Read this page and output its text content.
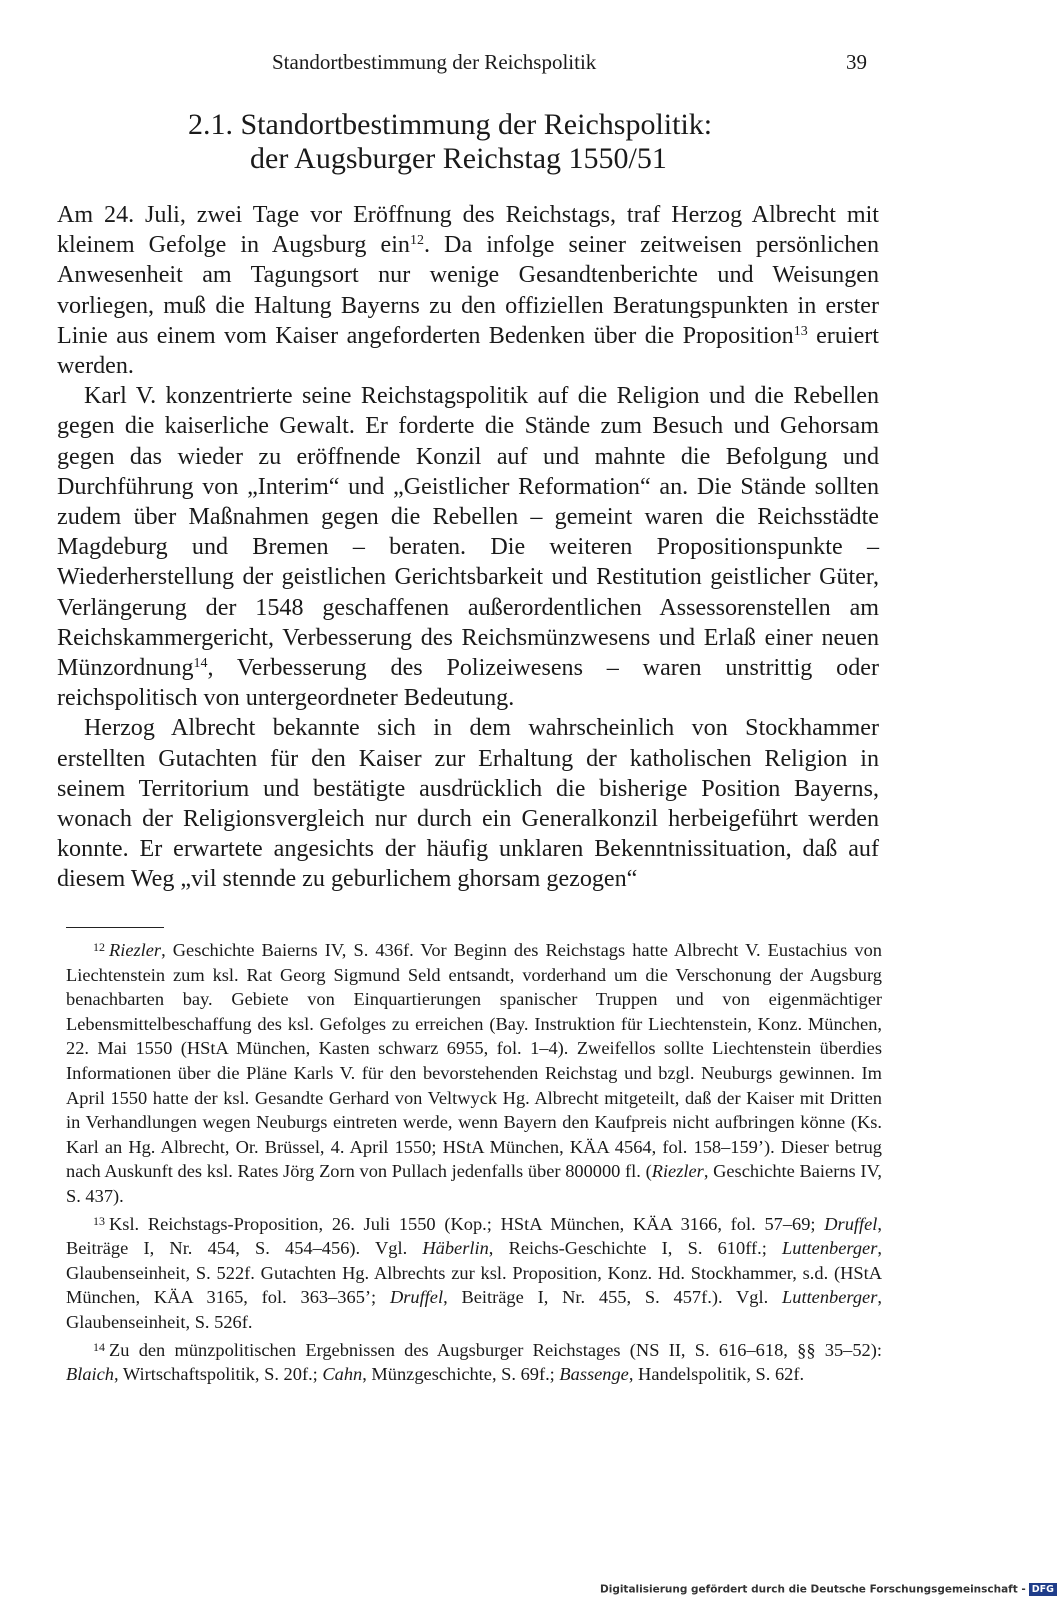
Standortbestimmung der Reichspolitik	39
2.1. Standortbestimmung der Reichspolitik:
der Augsburger Reichstag 1550/51

Am 24. Juli, zwei Tage vor Eröffnung des Reichstags, traf Herzog Albrecht mit kleinem Gefolge in Augsburg ein$^{12}$. Da infolge seiner zeitweisen persönlichen Anwesenheit am Tagungsort nur wenige Gesandtenberichte und Weisungen vorliegen, muß die Haltung Bayerns zu den offiziellen Beratungspunkten in erster Linie aus einem vom Kaiser angeforderten Bedenken über die Proposition$^{13}$ eruiert werden.

Karl V. konzentrierte seine Reichstagspolitik auf die Religion und die Rebellen gegen die kaiserliche Gewalt. Er forderte die Stände zum Besuch und Gehorsam gegen das wieder zu eröffnende Konzil auf und mahnte die Befolgung und Durchführung von „Interim“ und „Geistlicher Reformation“ an. Die Stände sollten zudem über Maßnahmen gegen die Rebellen – gemeint waren die Reichsstädte Magdeburg und Bremen – beraten. Die weiteren Propositionspunkte – Wiederherstellung der geistlichen Gerichtsbarkeit und Restitution geistlicher Güter, Verlängerung der 1548 geschaffenen außerordentlichen Assessorenstellen am Reichskammergericht, Verbesserung des Reichsmünzwesens und Erlaß einer neuen Münzordnung$^{14}$, Verbesserung des Polizeiwesens – waren unstrittig oder reichspolitisch von untergeordneter Bedeutung.

Herzog Albrecht bekannte sich in dem wahrscheinlich von Stockhammer erstellten Gutachten für den Kaiser zur Erhaltung der katholischen Religion in seinem Territorium und bestätigte ausdrücklich die bisherige Position Bayerns, wonach der Religionsvergleich nur durch ein Generalkonzil herbeigeführt werden konnte. Er erwartete angesichts der häufig unklaren Bekenntnissituation, daß auf diesem Weg „vil stennde zu geburlichem ghorsam gezogen“

$^{12}$ Riezler, Geschichte Baierns IV, S. 436f. Vor Beginn des Reichstags hatte Albrecht V. Eustachius von Liechtenstein zum ksl. Rat Georg Sigmund Seld entsandt, vorderhand um die Verschonung der Augsburg benachbarten bay. Gebiete von Einquartierungen spanischer Truppen und von eigenmächtiger Lebensmittelbeschaffung des ksl. Gefolges zu erreichen (Bay. Instruktion für Liechtenstein, Konz. München, 22. Mai 1550 (HStA München, Kasten schwarz 6955, fol. 1–4). Zweifellos sollte Liechtenstein überdies Informationen über die Pläne Karls V. für den bevorstehenden Reichstag und bzgl. Neuburgs gewinnen. Im April 1550 hatte der ksl. Gesandte Gerhard von Veltwyck Hg. Albrecht mitgeteilt, daß der Kaiser mit Dritten in Verhandlungen wegen Neuburgs eintreten werde, wenn Bayern den Kaufpreis nicht aufbringen könne (Ks. Karl an Hg. Albrecht, Or. Brüssel, 4. April 1550; HStA München, KÄA 4564, fol. 158–159’). Dieser betrug nach Auskunft des ksl. Rates Jörg Zorn von Pullach jedenfalls über 800000 fl. (Riezler, Geschichte Baierns IV, S. 437).

$^{13}$ Ksl. Reichstags-Proposition, 26. Juli 1550 (Kop.; HStA München, KÄA 3166, fol. 57–69; Druffel, Beiträge I, Nr. 454, S. 454–456). Vgl. Häberlin, Reichs-Geschichte I, S. 610ff.; Luttenberger, Glaubenseinheit, S. 522f. Gutachten Hg. Albrechts zur ksl. Proposition, Konz. Hd. Stockhammer, s.d. (HStA München, KÄA 3165, fol. 363–365’; Druffel, Beiträge I, Nr. 455, S. 457f.). Vgl. Luttenberger, Glaubenseinheit, S. 526f.

$^{14}$ Zu den münzpolitischen Ergebnissen des Augsburger Reichstages (NS II, S. 616–618, §§ 35–52): Blaich, Wirtschaftspolitik, S. 20f.; Cahn, Münzgeschichte, S. 69f.; Bassenge, Handelspolitik, S. 62f.

Digitalisierung gefördert durch die Deutsche Forschungsgemeinschaft - DFG
